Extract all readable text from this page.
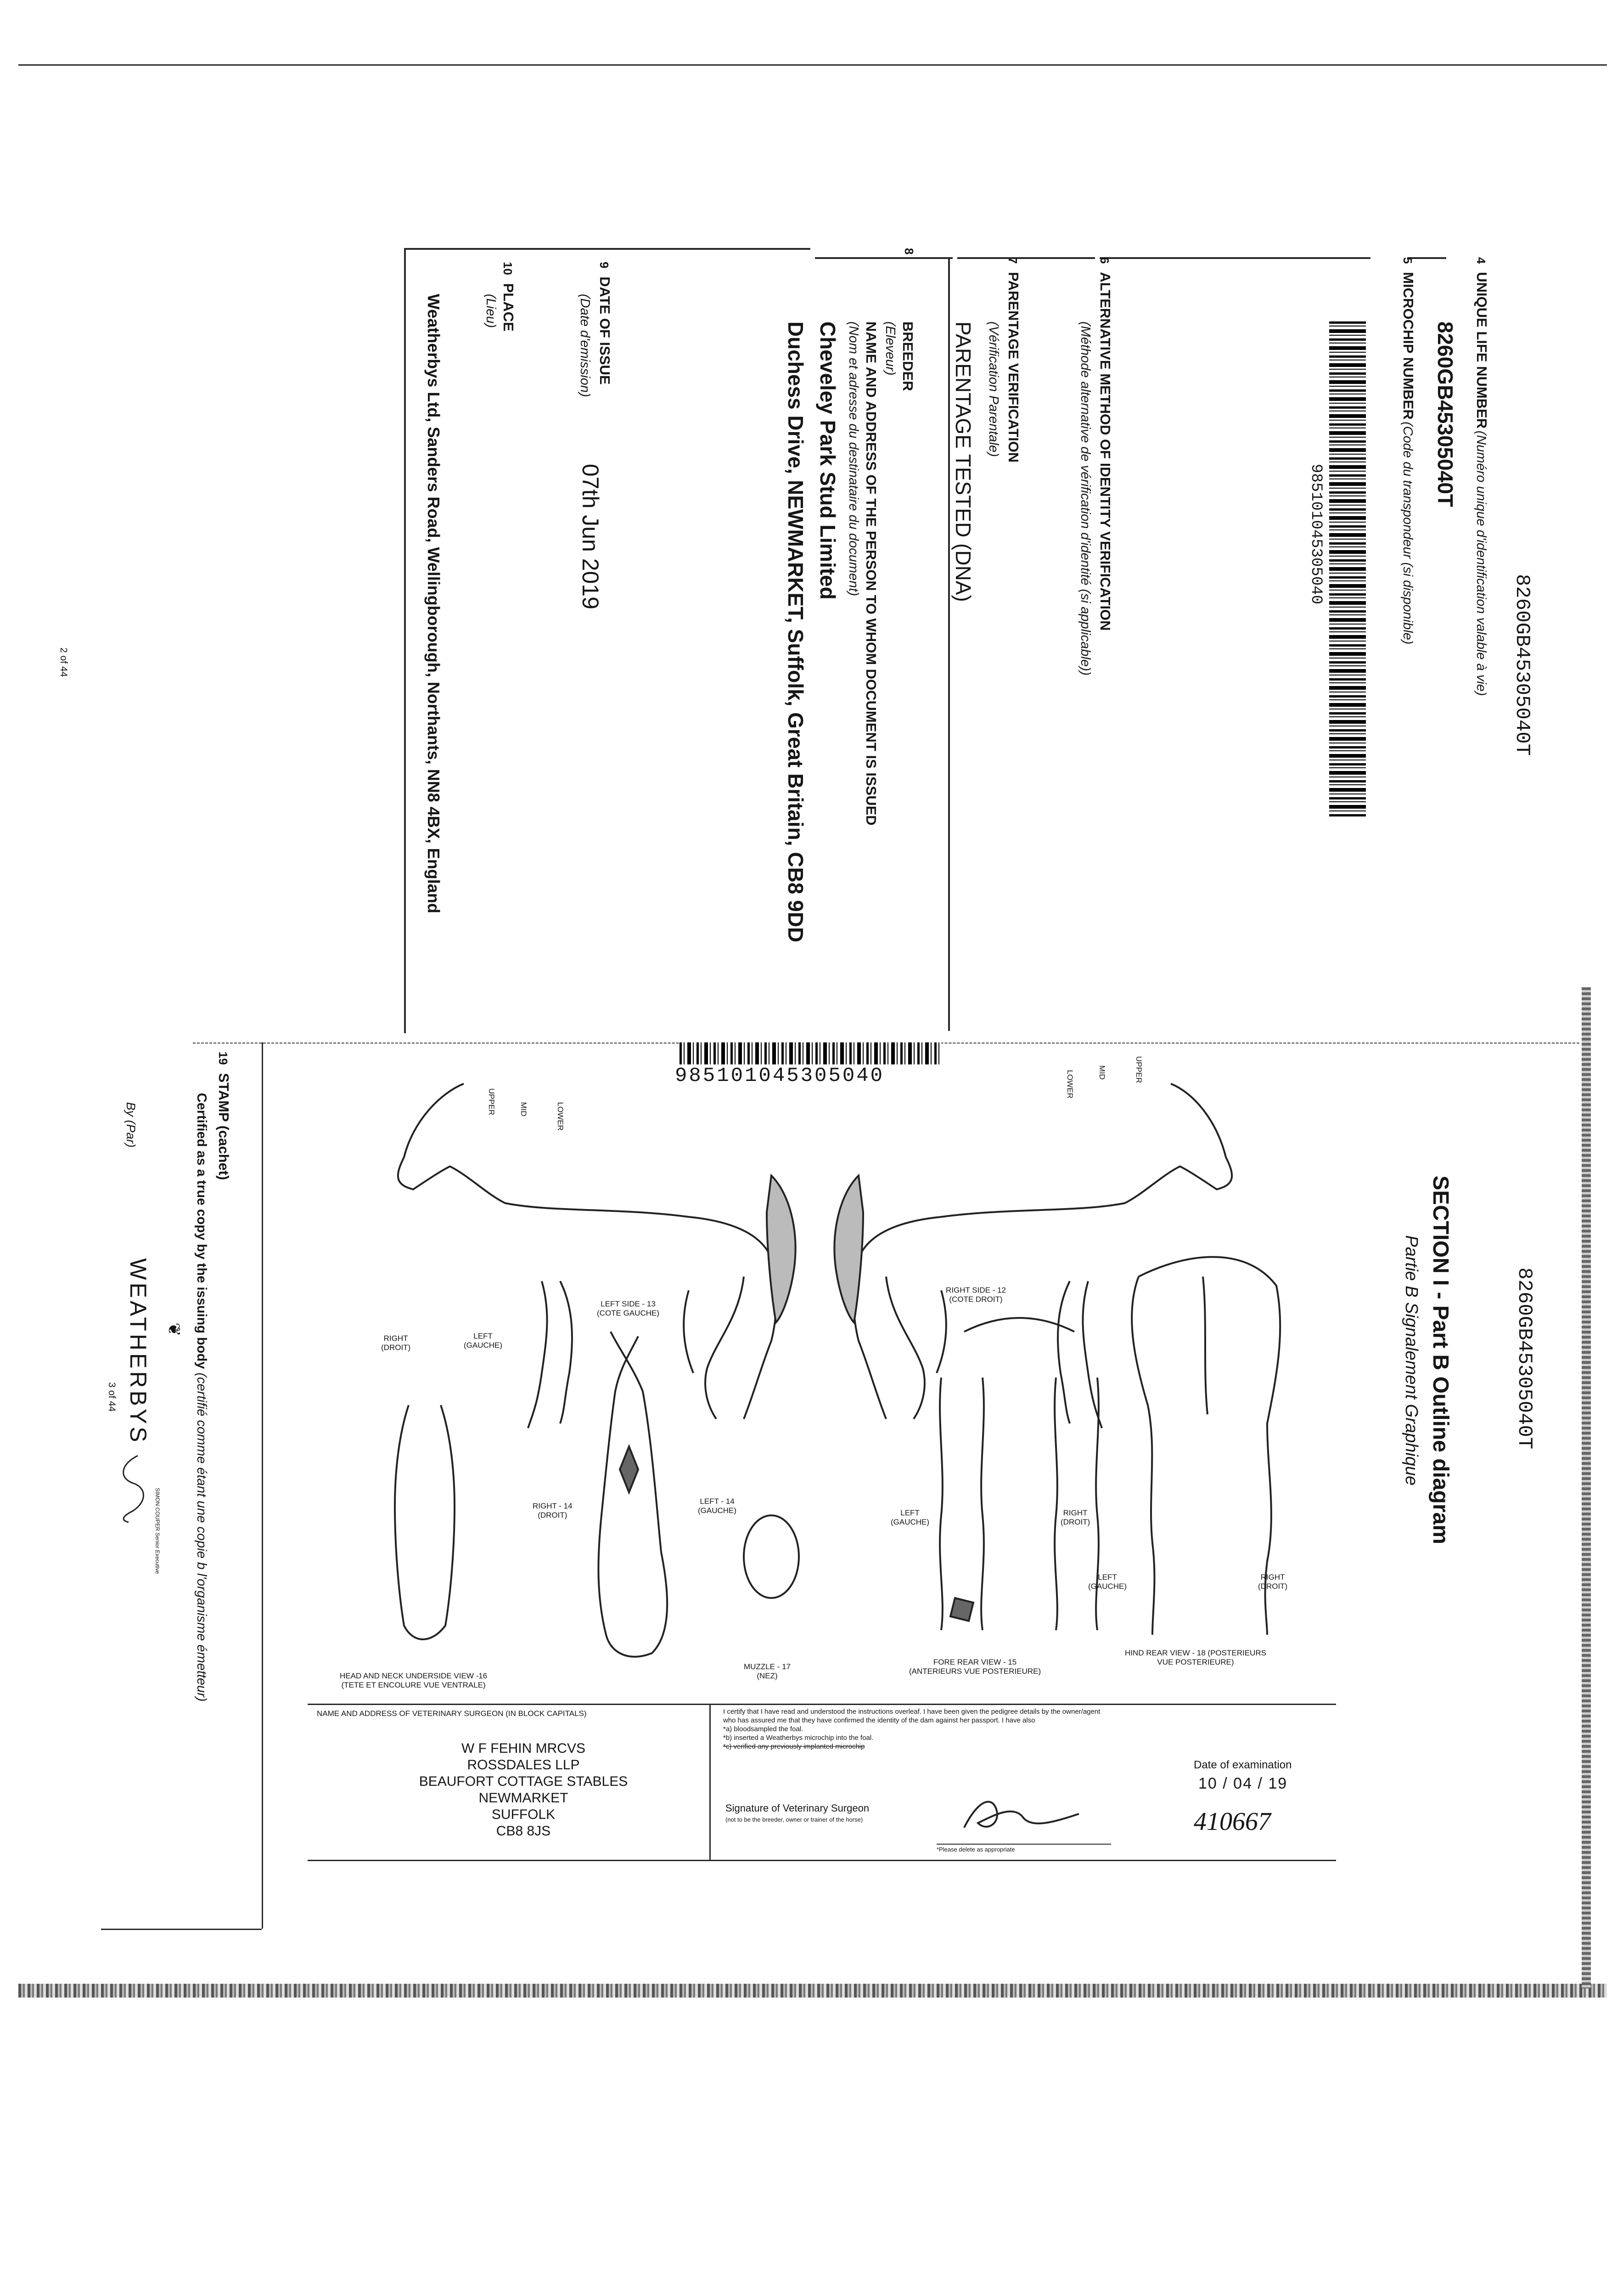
2 of 44	8260GB45305040T
4    UNIQUE LIFE NUMBER (Numéro unique d'identification valable à vie)
8260GB45305040T
5    MICROCHIP NUMBER (Code du transpondeur (si disponible)
985101045305040
6    ALTERNATIVE METHOD OF IDENTITY VERIFICATION
(Méthode alternative de vérification d'identité (si applicable))
7    PARENTAGE VERIFICATION
(Vérification Parentale)
PARENTAGE TESTED (DNA)
8
BREEDER
(Eleveur)
NAME AND ADDRESS OF THE PERSON TO WHOM DOCUMENT IS ISSUED
(Nom et adresse du destinataire du document)
Cheveley Park Stud Limited
Duchess Drive, NEWMARKET, Suffolk, Great Britain, CB8 9DD
9    DATE OF ISSUE
(Date d'emission)
07th Jun 2019
10    PLACE
(Lieu)
Weatherbys Ltd, Sanders Road, Wellingborough, Northants, NN8 4BX, England
3 of 44	8260GB45305040T
SECTION I - Part B Outline diagram
Partie B Signalement Graphique
985101045305040
UPPER	MID	LOWER
UPPER
MID
LOWER
LEFT SIDE - 13
(COTE GAUCHE)
RIGHT SIDE - 12
(COTE DROIT)
RIGHT
(DROIT)
LEFT
(GAUCHE)
RIGHT - 14
(DROIT)
LEFT - 14
(GAUCHE)	LEFT
(GAUCHE)
RIGHT
(DROIT)
LEFT
(GAUCHE)
RIGHT
(DROIT)
HEAD AND NECK UNDERSIDE VIEW -16
(TETE ET ENCOLURE VUE VENTRALE)
MUZZLE - 17
(NEZ)
FORE REAR VIEW - 15
(ANTERIEURS VUE POSTERIEURE)
HIND REAR VIEW - 18 (POSTERIEURS
VUE POSTERIEURE)
NAME AND ADDRESS OF VETERINARY SURGEON (IN BLOCK CAPITALS)
W F FEHIN MRCVS
ROSSDALES LLP
BEAUFORT COTTAGE STABLES
NEWMARKET
SUFFOLK
CB8 8JS
I certify that I have read and understood the instructions overleaf. I have been given the pedigree details by the owner/agent
who has assured me that they have confirmed the identity of the dam against her passport. I have also
*a) bloodsampled the foal.
*b) inserted a Weatherbys microchip into the foal.
*c) verified any previously implanted microchip
Date of examination
10 / 04 / 19
Signature of Veterinary Surgeon
(not to be the breeder, owner or trainer of the horse)
*Please delete as appropriate
410667
19    STAMP (cachet)
Certified as a true copy by the issuing body (certifié comme étant une copie b l'organisme émetteur)
By (Par)
WEATHERBYS ❦
SIMON COUPER Senior Executive
